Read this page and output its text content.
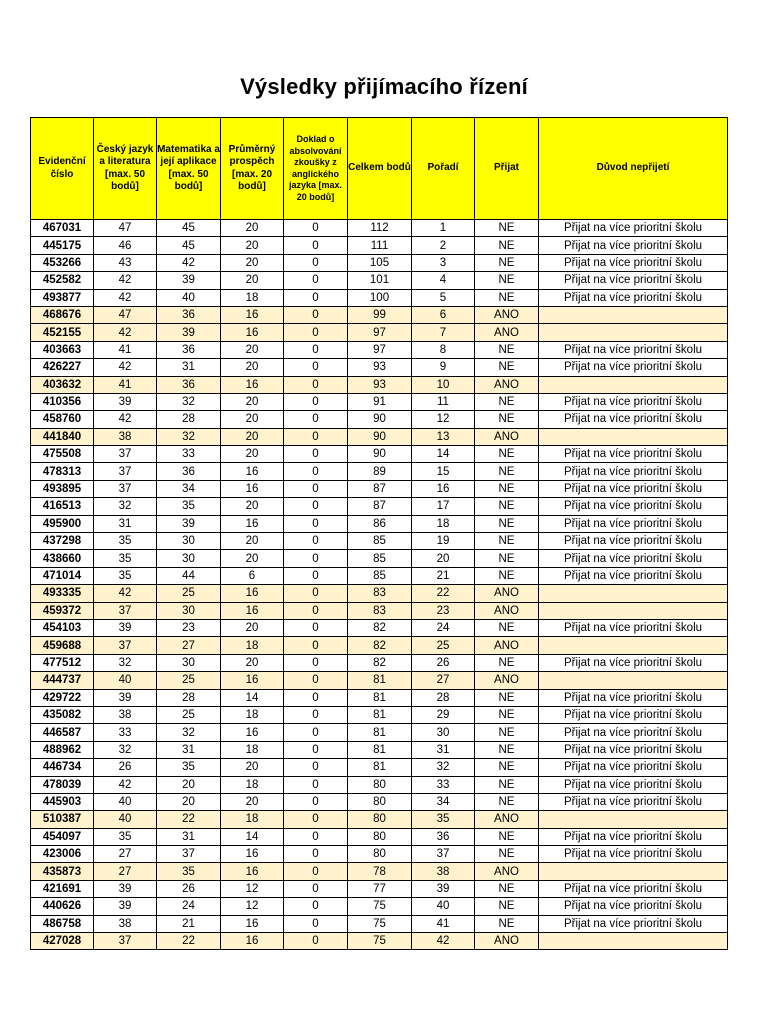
Výsledky přijímacího řízení
Evidenční číslo	Český jazyk a literatura [max. 50 bodů]	Matematika a její aplikace [max. 50 bodů]	Průměrný prospěch [max. 20 bodů]	Doklad o absolvování zkoušky z anglického jazyka [max. 20 bodů]	Celkem bodů	Pořadí	Přijat	Důvod nepřijetí
467031	47	45	20	0	112	1	NE	Přijat na více prioritní školu
445175	46	45	20	0	111	2	NE	Přijat na více prioritní školu
453266	43	42	20	0	105	3	NE	Přijat na více prioritní školu
452582	42	39	20	0	101	4	NE	Přijat na více prioritní školu
493877	42	40	18	0	100	5	NE	Přijat na více prioritní školu
468676	47	36	16	0	99	6	ANO	
452155	42	39	16	0	97	7	ANO	
403663	41	36	20	0	97	8	NE	Přijat na více prioritní školu
426227	42	31	20	0	93	9	NE	Přijat na více prioritní školu
403632	41	36	16	0	93	10	ANO	
410356	39	32	20	0	91	11	NE	Přijat na více prioritní školu
458760	42	28	20	0	90	12	NE	Přijat na více prioritní školu
441840	38	32	20	0	90	13	ANO	
475508	37	33	20	0	90	14	NE	Přijat na více prioritní školu
478313	37	36	16	0	89	15	NE	Přijat na více prioritní školu
493895	37	34	16	0	87	16	NE	Přijat na více prioritní školu
416513	32	35	20	0	87	17	NE	Přijat na více prioritní školu
495900	31	39	16	0	86	18	NE	Přijat na více prioritní školu
437298	35	30	20	0	85	19	NE	Přijat na více prioritní školu
438660	35	30	20	0	85	20	NE	Přijat na více prioritní školu
471014	35	44	6	0	85	21	NE	Přijat na více prioritní školu
493335	42	25	16	0	83	22	ANO	
459372	37	30	16	0	83	23	ANO	
454103	39	23	20	0	82	24	NE	Přijat na více prioritní školu
459688	37	27	18	0	82	25	ANO	
477512	32	30	20	0	82	26	NE	Přijat na více prioritní školu
444737	40	25	16	0	81	27	ANO	
429722	39	28	14	0	81	28	NE	Přijat na více prioritní školu
435082	38	25	18	0	81	29	NE	Přijat na více prioritní školu
446587	33	32	16	0	81	30	NE	Přijat na více prioritní školu
488962	32	31	18	0	81	31	NE	Přijat na více prioritní školu
446734	26	35	20	0	81	32	NE	Přijat na více prioritní školu
478039	42	20	18	0	80	33	NE	Přijat na více prioritní školu
445903	40	20	20	0	80	34	NE	Přijat na více prioritní školu
510387	40	22	18	0	80	35	ANO	
454097	35	31	14	0	80	36	NE	Přijat na více prioritní školu
423006	27	37	16	0	80	37	NE	Přijat na více prioritní školu
435873	27	35	16	0	78	38	ANO	
421691	39	26	12	0	77	39	NE	Přijat na více prioritní školu
440626	39	24	12	0	75	40	NE	Přijat na více prioritní školu
486758	38	21	16	0	75	41	NE	Přijat na více prioritní školu
427028	37	22	16	0	75	42	ANO	
